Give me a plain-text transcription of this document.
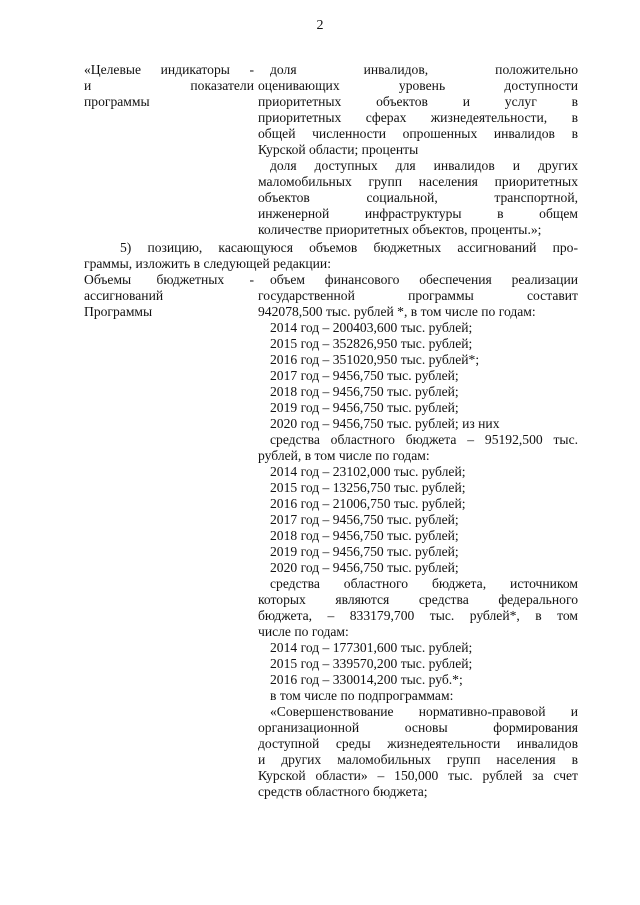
2
«Целевые индикаторы -
и показатели
программы
доля инвалидов, положительно
оценивающих уровень доступности
приоритетных объектов и услуг в
приоритетных сферах жизнедеятельности, в
общей численности опрошенных инвалидов в
Курской области; проценты
доля доступных для инвалидов и других
маломобильных групп населения приоритетных
объектов социальной, транспортной,
инженерной инфраструктуры в общем
количестве приоритетных объектов, проценты.»;
5) позицию, касающуюся объемов бюджетных ассигнований про-
граммы, изложить в следующей редакции:
Объемы бюджетных -
ассигнований
Программы
объем финансового обеспечения реализации
государственной программы составит
942078,500 тыс. рублей *, в том числе по годам:
2014 год – 200403,600 тыс. рублей;
2015 год – 352826,950 тыс. рублей;
2016 год – 351020,950 тыс. рублей*;
2017 год – 9456,750 тыс. рублей;
2018 год – 9456,750 тыс. рублей;
2019 год – 9456,750 тыс. рублей;
2020 год – 9456,750 тыс. рублей; из них
средства областного бюджета – 95192,500 тыс.
рублей, в том числе по годам:
2014 год – 23102,000 тыс. рублей;
2015 год – 13256,750 тыс. рублей;
2016 год – 21006,750 тыс. рублей;
2017 год – 9456,750 тыс. рублей;
2018 год – 9456,750 тыс. рублей;
2019 год – 9456,750 тыс. рублей;
2020 год – 9456,750 тыс. рублей;
средства областного бюджета, источником
которых являются средства федерального
бюджета, – 833179,700 тыс. рублей*, в том
числе по годам:
2014 год – 177301,600 тыс. рублей;
2015 год – 339570,200 тыс. рублей;
2016 год – 330014,200 тыс. руб.*;
в том числе по подпрограммам:
«Совершенствование нормативно-правовой и
организационной основы формирования
доступной среды жизнедеятельности инвалидов
и других маломобильных групп населения в
Курской области» – 150,000 тыс. рублей за счет
средств областного бюджета;
